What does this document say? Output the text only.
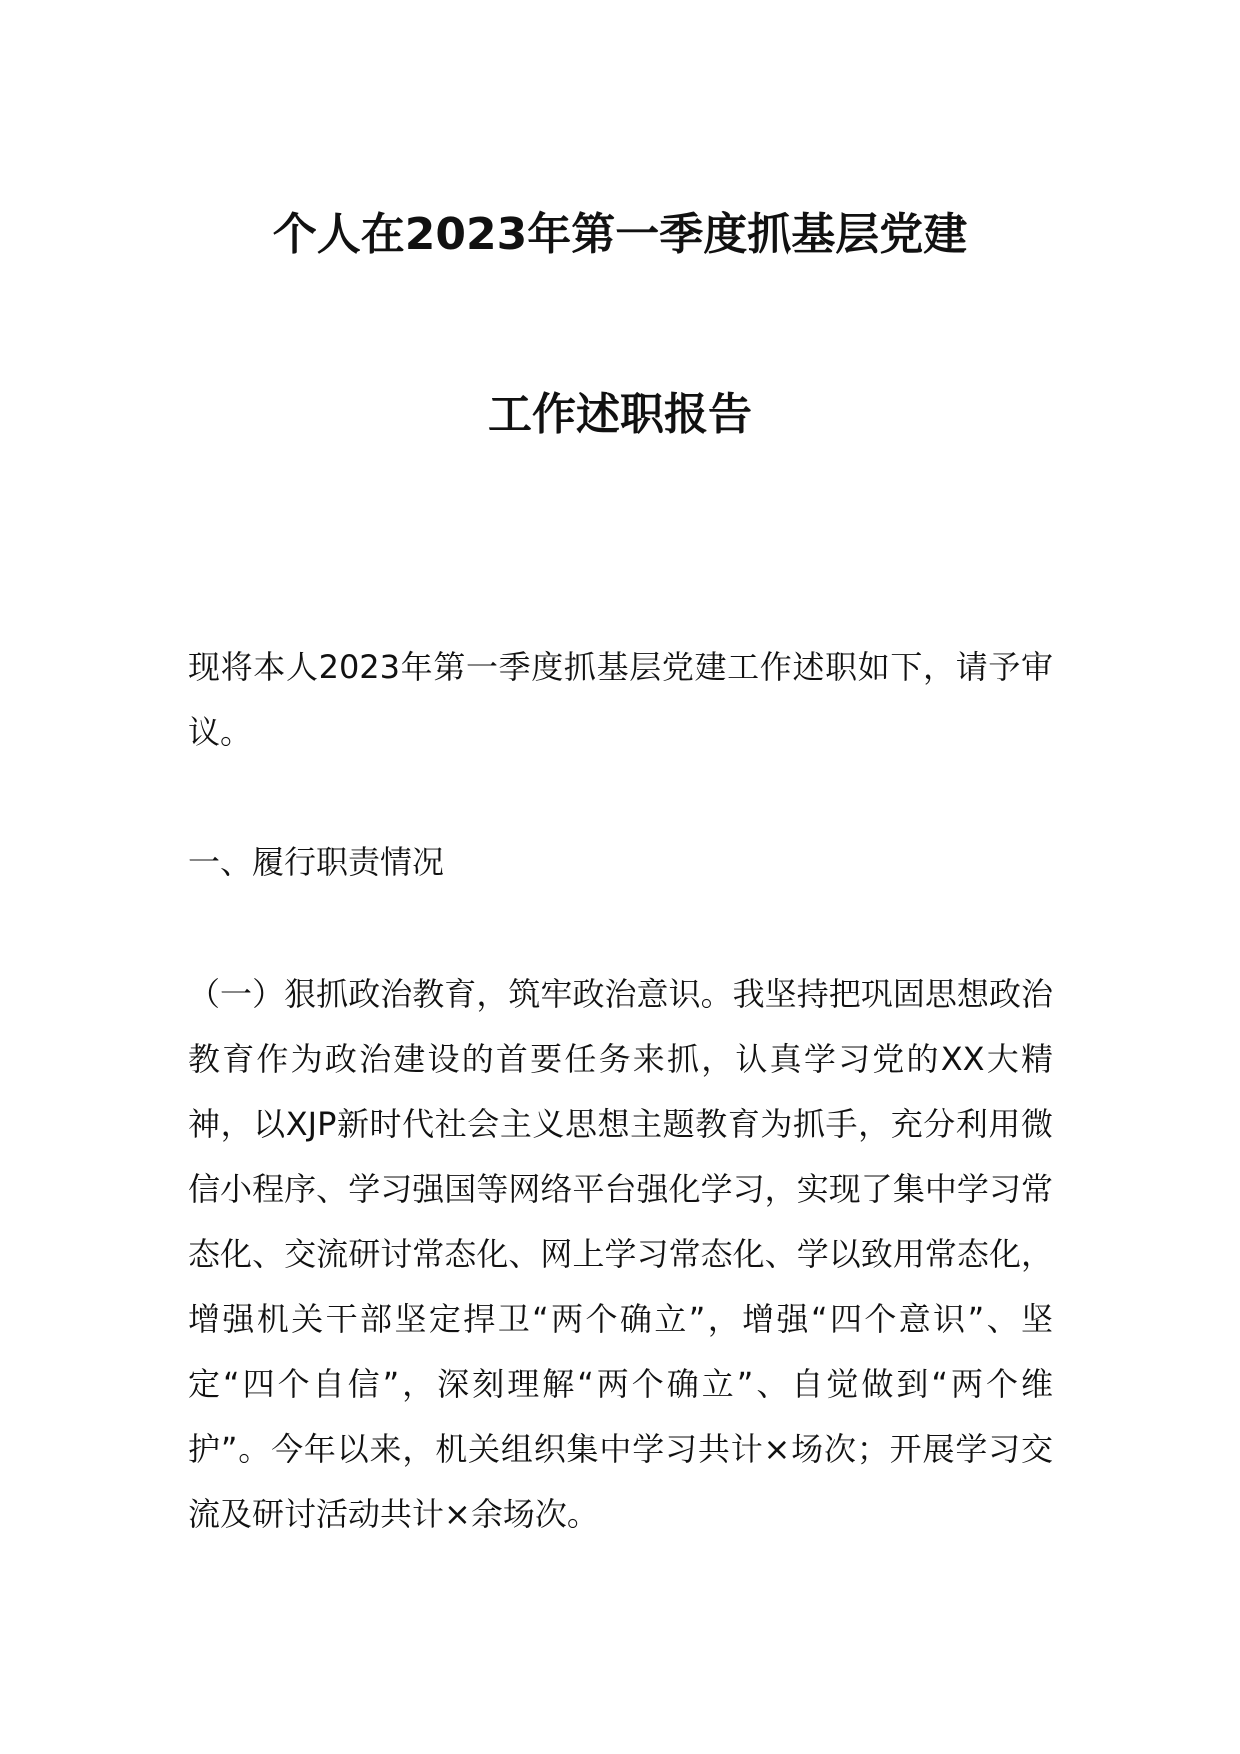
个人在2023年第一季度抓基层党建
工作述职报告
现将本人2023年第一季度抓基层党建工作述职如下，请予审议。
一、履行职责情况
（一）狠抓政治教育，筑牢政治意识。我坚持把巩固思想政治教育作为政治建设的首要任务来抓，认真学习党的XX大精神，以XJP新时代社会主义思想主题教育为抓手，充分利用微信小程序、学习强国等网络平台强化学习，实现了集中学习常态化、交流研讨常态化、网上学习常态化、学以致用常态化，增强机关干部坚定捍卫“两个确立”，增强“四个意识”、坚定“四个自信”，深刻理解“两个确立”、自觉做到“两个维护”。今年以来，机关组织集中学习共计×场次；开展学习交流及研讨活动共计×余场次。
